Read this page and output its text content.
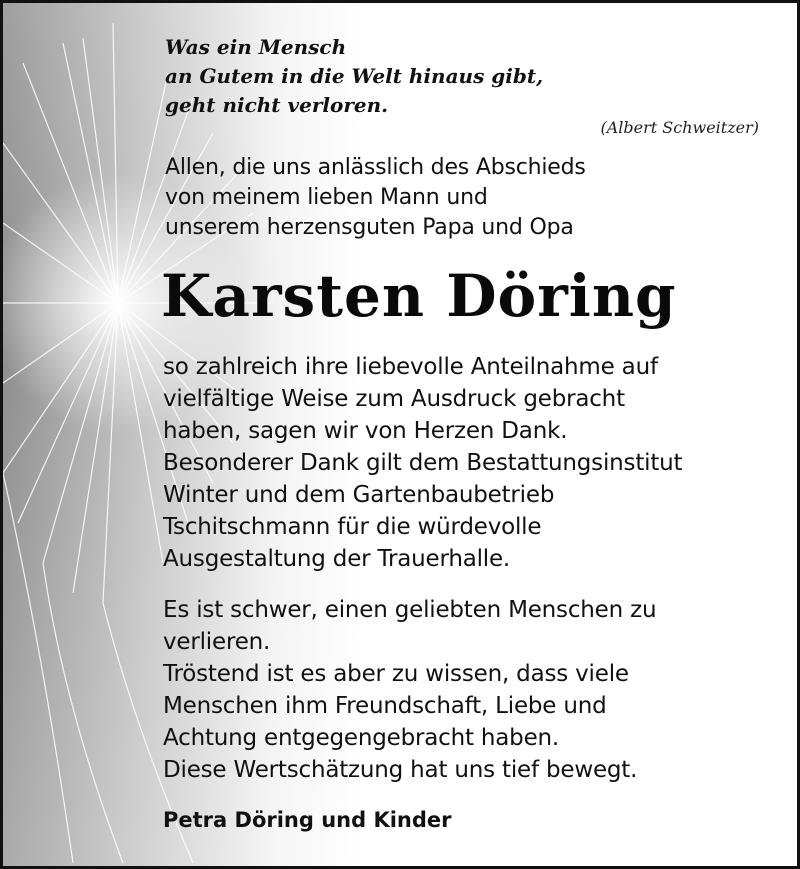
Was ein Mensch
an Gutem in die Welt hinaus gibt,
geht nicht verloren.

(Albert Schweitzer)

Allen, die uns anlässlich des Abschieds
von meinem lieben Mann und
unserem herzensguten Papa und Opa

Karsten Döring

so zahlreich ihre liebevolle Anteilnahme auf
vielfältige Weise zum Ausdruck gebracht
haben, sagen wir von Herzen Dank.
Besonderer Dank gilt dem Bestattungsinstitut
Winter und dem Gartenbaubetrieb
Tschitschmann für die würdevolle
Ausgestaltung der Trauerhalle.

Es ist schwer, einen geliebten Menschen zu
verlieren.
Tröstend ist es aber zu wissen, dass viele
Menschen ihm Freundschaft, Liebe und
Achtung entgegengebracht haben.
Diese Wertschätzung hat uns tief bewegt.

Petra Döring und Kinder
